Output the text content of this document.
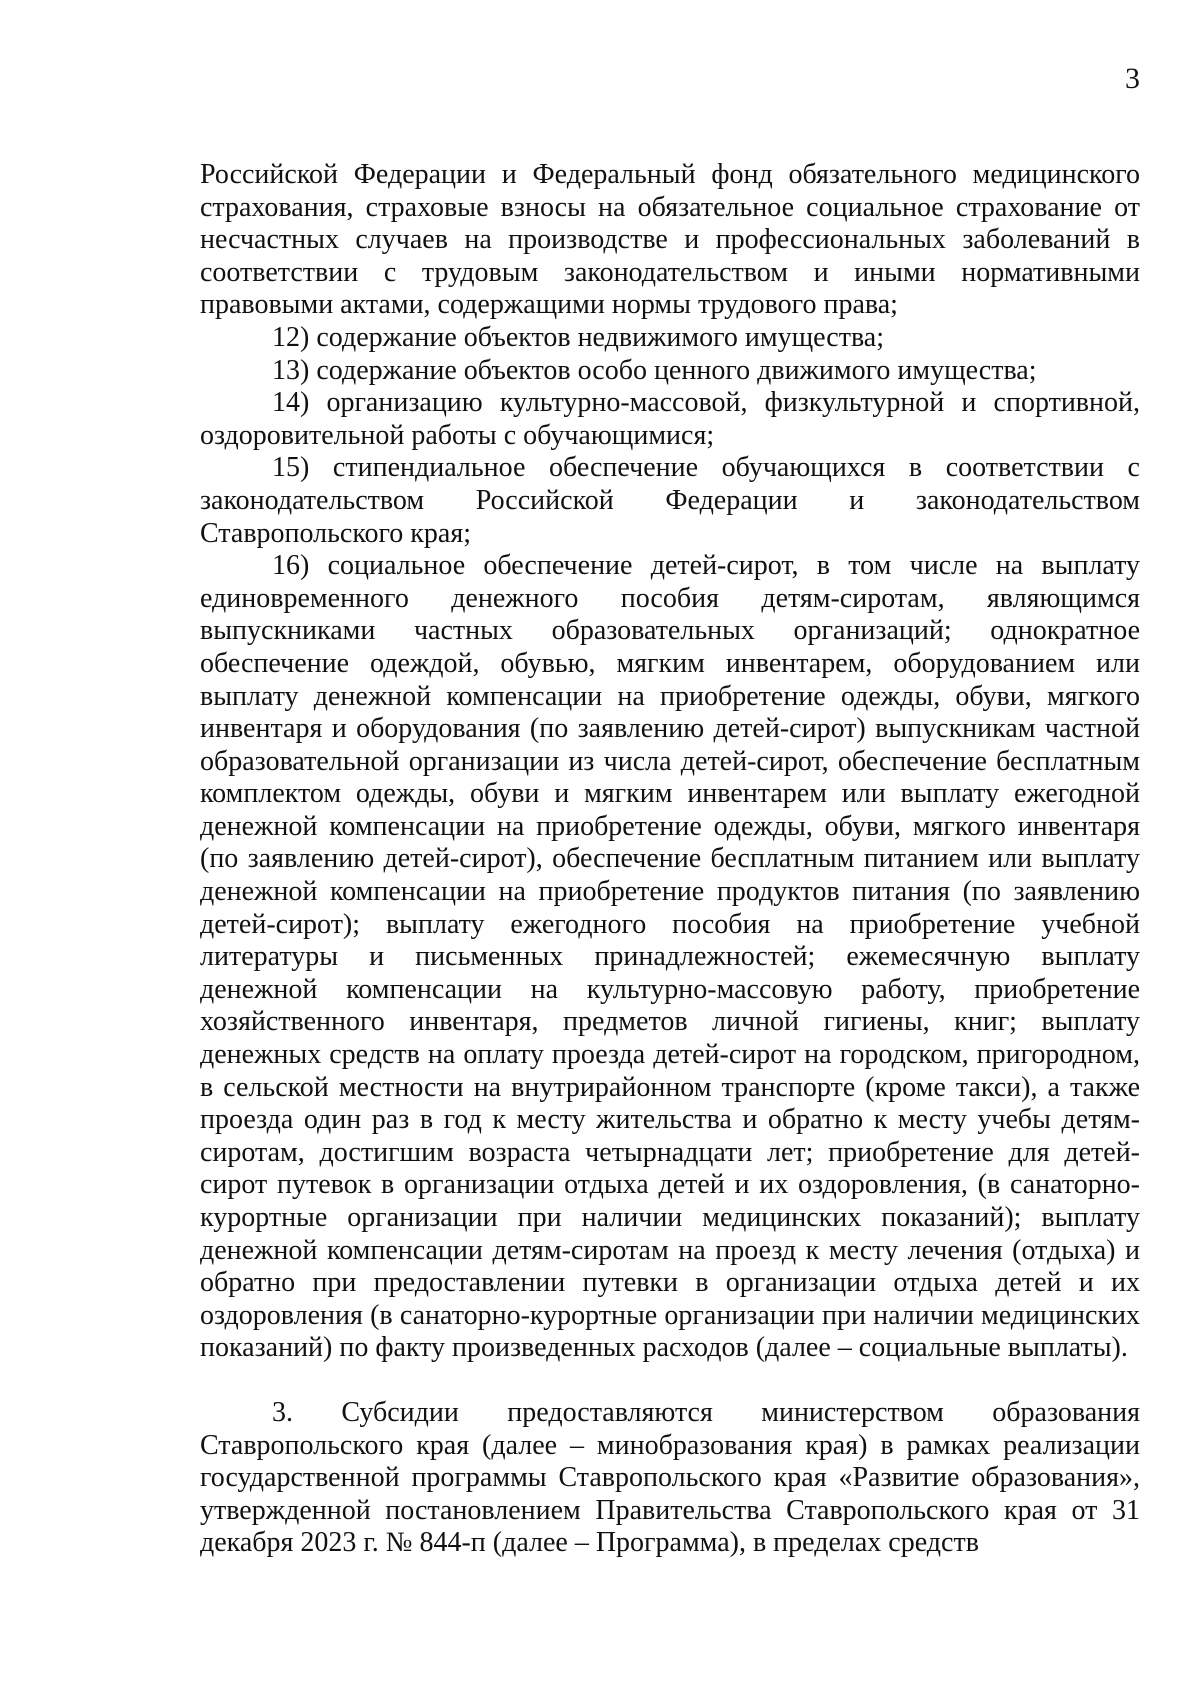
3

Российской Федерации и Федеральный фонд обязательного медицинского страхования, страховые взносы на обязательное социальное страхование от несчастных случаев на производстве и профессиональных заболеваний в соответствии с трудовым законодательством и иными нормативными правовыми актами, содержащими нормы трудового права;

12) содержание объектов недвижимого имущества;

13) содержание объектов особо ценного движимого имущества;

14) организацию культурно-массовой, физкультурной и спортивной, оздоровительной работы с обучающимися;

15) стипендиальное обеспечение обучающихся в соответствии с законодательством Российской Федерации и законодательством Ставропольского края;

16) социальное обеспечение детей-сирот, в том числе на выплату единовременного денежного пособия детям-сиротам, являющимся выпускниками частных образовательных организаций; однократное обеспечение одеждой, обувью, мягким инвентарем, оборудованием или выплату денежной компенсации на приобретение одежды, обуви, мягкого инвентаря и оборудования (по заявлению детей-сирот) выпускникам частной образовательной организации из числа детей-сирот, обеспечение бесплатным комплектом одежды, обуви и мягким инвентарем или выплату ежегодной денежной компенсации на приобретение одежды, обуви, мягкого инвентаря (по заявлению детей-сирот), обеспечение бесплатным питанием или выплату денежной компенсации на приобретение продуктов питания (по заявлению детей-сирот); выплату ежегодного пособия на приобретение учебной литературы и письменных принадлежностей; ежемесячную выплату денежной компенсации на культурно-массовую работу, приобретение хозяйственного инвентаря, предметов личной гигиены, книг; выплату денежных средств на оплату проезда детей-сирот на городском, пригородном, в сельской местности на внутрирайонном транспорте (кроме такси), а также проезда один раз в год к месту жительства и обратно к месту учебы детям-сиротам, достигшим возраста четырнадцати лет; приобретение для детей-сирот путевок в организации отдыха детей и их оздоровления, (в санаторно-курортные организации при наличии медицинских показаний); выплату денежной компенсации детям-сиротам на проезд к месту лечения (отдыха) и обратно при предоставлении путевки в организации отдыха детей и их оздоровления (в санаторно-курортные организации при наличии медицинских показаний) по факту произведенных расходов (далее – социальные выплаты).

3. Субсидии предоставляются министерством образования Ставропольского края (далее – минобразования края) в рамках реализации государственной программы Ставропольского края «Развитие образования», утвержденной постановлением Правительства Ставропольского края от 31 декабря 2023 г. № 844-п (далее – Программа), в пределах средств
